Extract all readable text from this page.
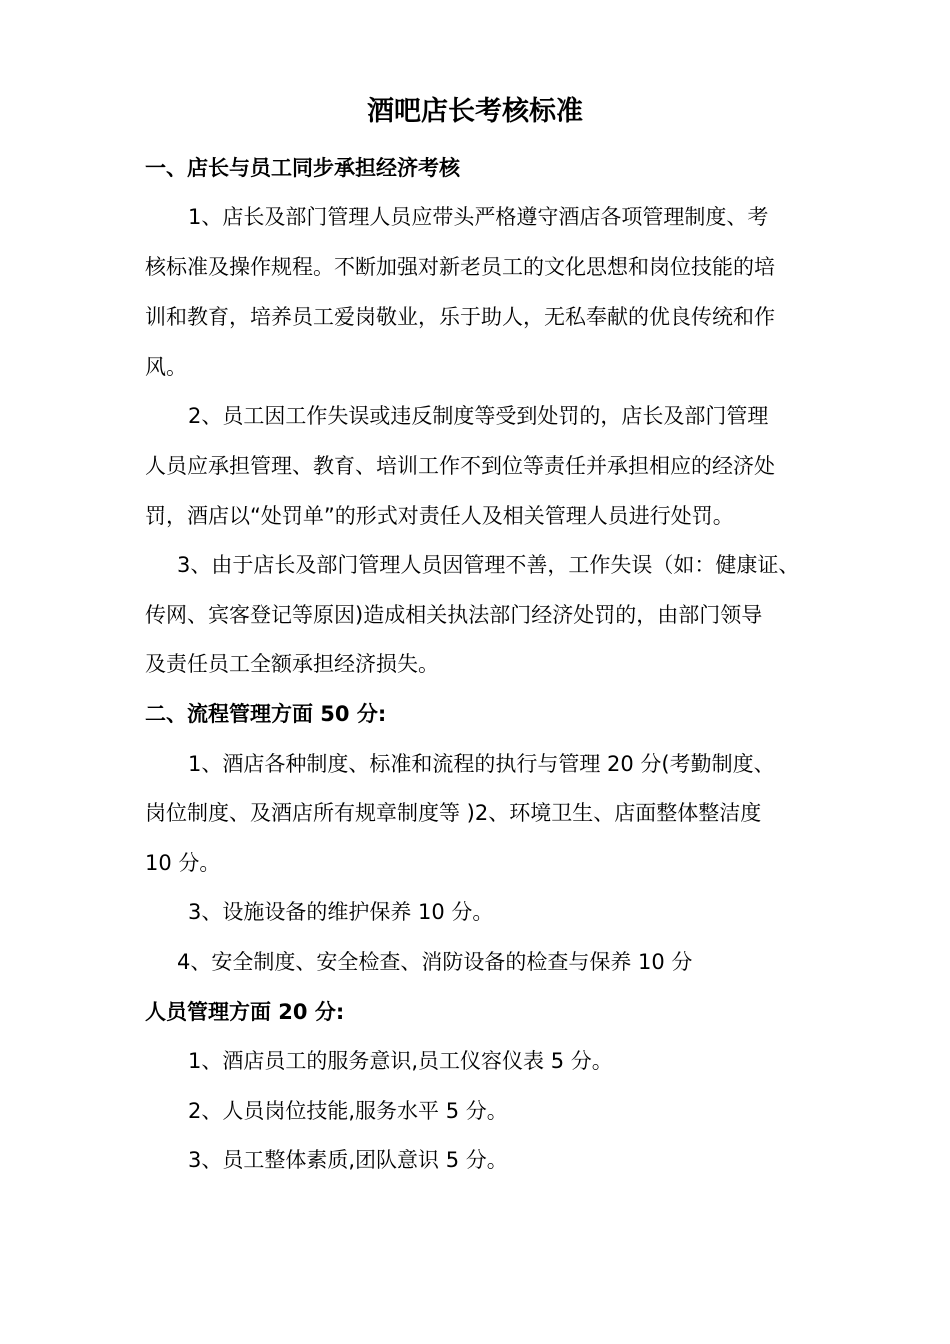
酒吧店长考核标准
一、店长与员工同步承担经济考核
1、店长及部门管理人员应带头严格遵守酒店各项管理制度、考
核标准及操作规程。不断加强对新老员工的文化思想和岗位技能的培
训和教育，培养员工爱岗敬业，乐于助人，无私奉献的优良传统和作
风。
2、员工因工作失误或违反制度等受到处罚的，店长及部门管理
人员应承担管理、教育、培训工作不到位等责任并承担相应的经济处
罚，酒店以“处罚单”的形式对责任人及相关管理人员进行处罚。
3、由于店长及部门管理人员因管理不善，工作失误（如：健康证、
传网、宾客登记等原因)造成相关执法部门经济处罚的，由部门领导
及责任员工全额承担经济损失。
二、流程管理方面 50 分:
1、酒店各种制度、标准和流程的执行与管理 20 分(考勤制度、
岗位制度、及酒店所有规章制度等 )2、环境卫生、店面整体整洁度
10 分。
3、设施设备的维护保养 10 分。
4、安全制度、安全检查、消防设备的检查与保养 10 分
人员管理方面 20 分:
1、酒店员工的服务意识,员工仪容仪表 5 分。
2、人员岗位技能,服务水平 5 分。
3、员工整体素质,团队意识 5 分。
